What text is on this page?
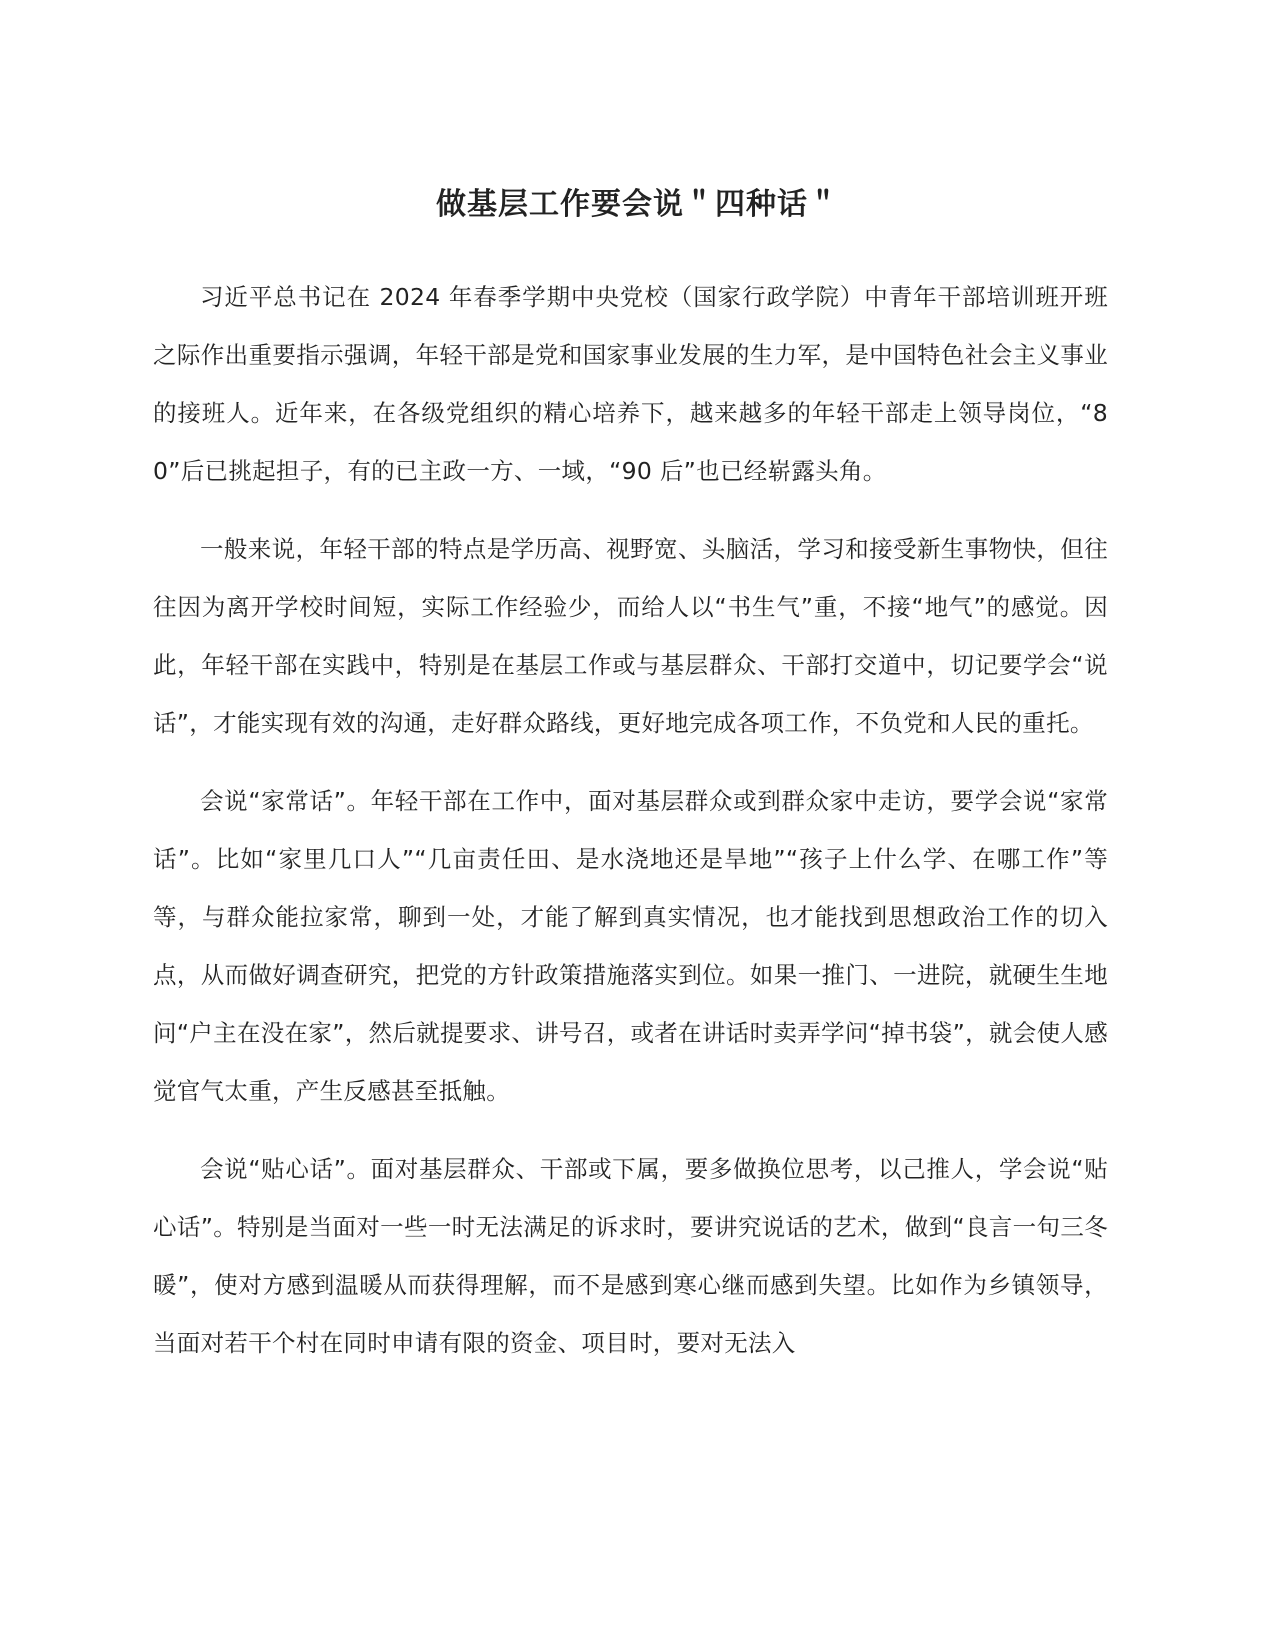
做基层工作要会说＂四种话＂

习近平总书记在 2024 年春季学期中央党校（国家行政学院）中青年干部培训班开班之际作出重要指示强调，年轻干部是党和国家事业发展的生力军，是中国特色社会主义事业的接班人。近年来，在各级党组织的精心培养下，越来越多的年轻干部走上领导岗位，“80”后已挑起担子，有的已主政一方、一域，“90 后”也已经崭露头角。

一般来说，年轻干部的特点是学历高、视野宽、头脑活，学习和接受新生事物快，但往往因为离开学校时间短，实际工作经验少，而给人以“书生气”重，不接“地气”的感觉。因此，年轻干部在实践中，特别是在基层工作或与基层群众、干部打交道中，切记要学会“说话”，才能实现有效的沟通，走好群众路线，更好地完成各项工作，不负党和人民的重托。

会说“家常话”。年轻干部在工作中，面对基层群众或到群众家中走访，要学会说“家常话”。比如“家里几口人”“几亩责任田、是水浇地还是旱地”“孩子上什么学、在哪工作”等等，与群众能拉家常，聊到一处，才能了解到真实情况，也才能找到思想政治工作的切入点，从而做好调查研究，把党的方针政策措施落实到位。如果一推门、一进院，就硬生生地问“户主在没在家”，然后就提要求、讲号召，或者在讲话时卖弄学问“掉书袋”，就会使人感觉官气太重，产生反感甚至抵触。

会说“贴心话”。面对基层群众、干部或下属，要多做换位思考，以己推人，学会说“贴心话”。特别是当面对一些一时无法满足的诉求时，要讲究说话的艺术，做到“良言一句三冬暖”，使对方感到温暖从而获得理解，而不是感到寒心继而感到失望。比如作为乡镇领导，当面对若干个村在同时申请有限的资金、项目时，要对无法入
